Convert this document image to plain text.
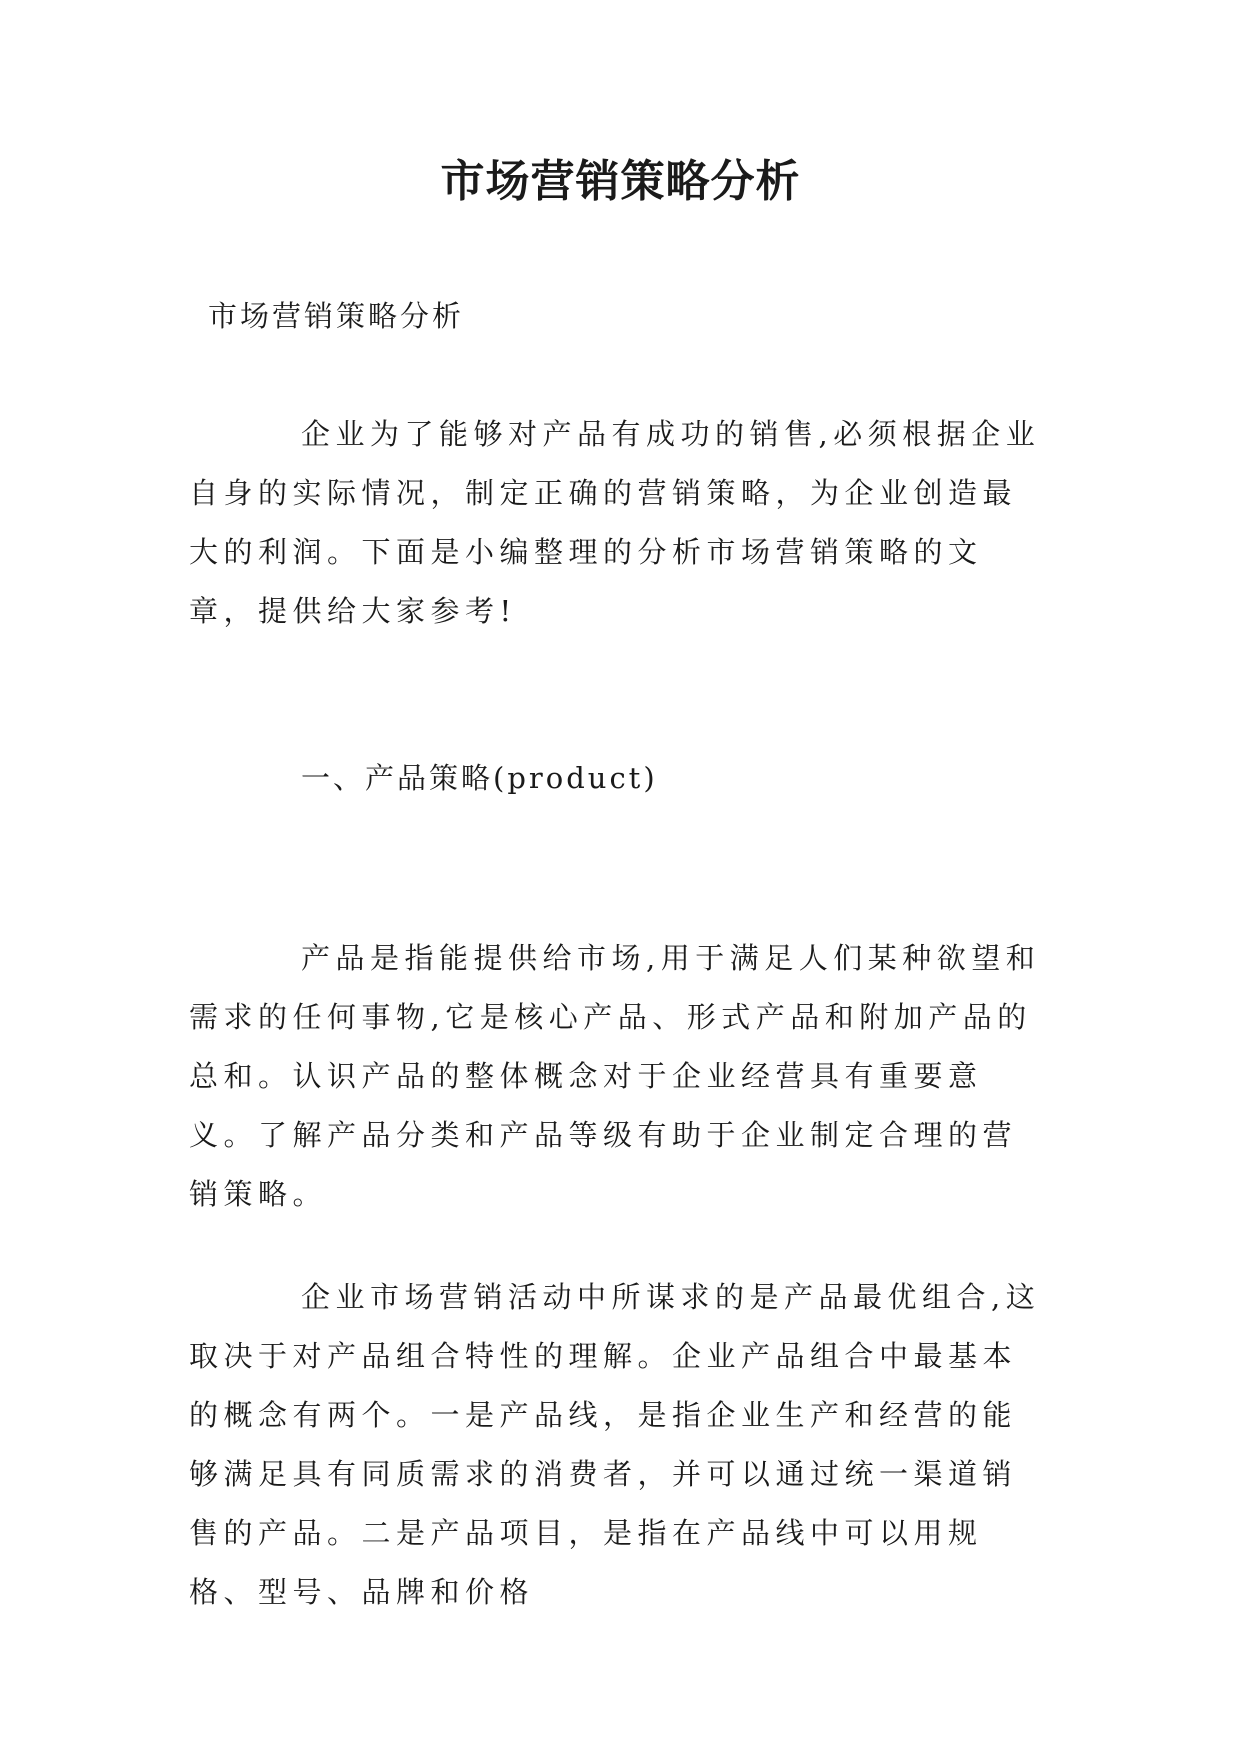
市场营销策略分析
市场营销策略分析

企业为了能够对产品有成功的销售,必须根据企业自身的实际情况，制定正确的营销策略，为企业创造最大的利润。下面是小编整理的分析市场营销策略的文章，提供给大家参考!

一、产品策略(product)

产品是指能提供给市场,用于满足人们某种欲望和需求的任何事物,它是核心产品、形式产品和附加产品的总和。认识产品的整体概念对于企业经营具有重要意义。了解产品分类和产品等级有助于企业制定合理的营销策略。

企业市场营销活动中所谋求的是产品最优组合,这取决于对产品组合特性的理解。企业产品组合中最基本的概念有两个。一是产品线，是指企业生产和经营的能够满足具有同质需求的消费者，并可以通过统一渠道销售的产品。二是产品项目，是指在产品线中可以用规格、型号、品牌和价格
